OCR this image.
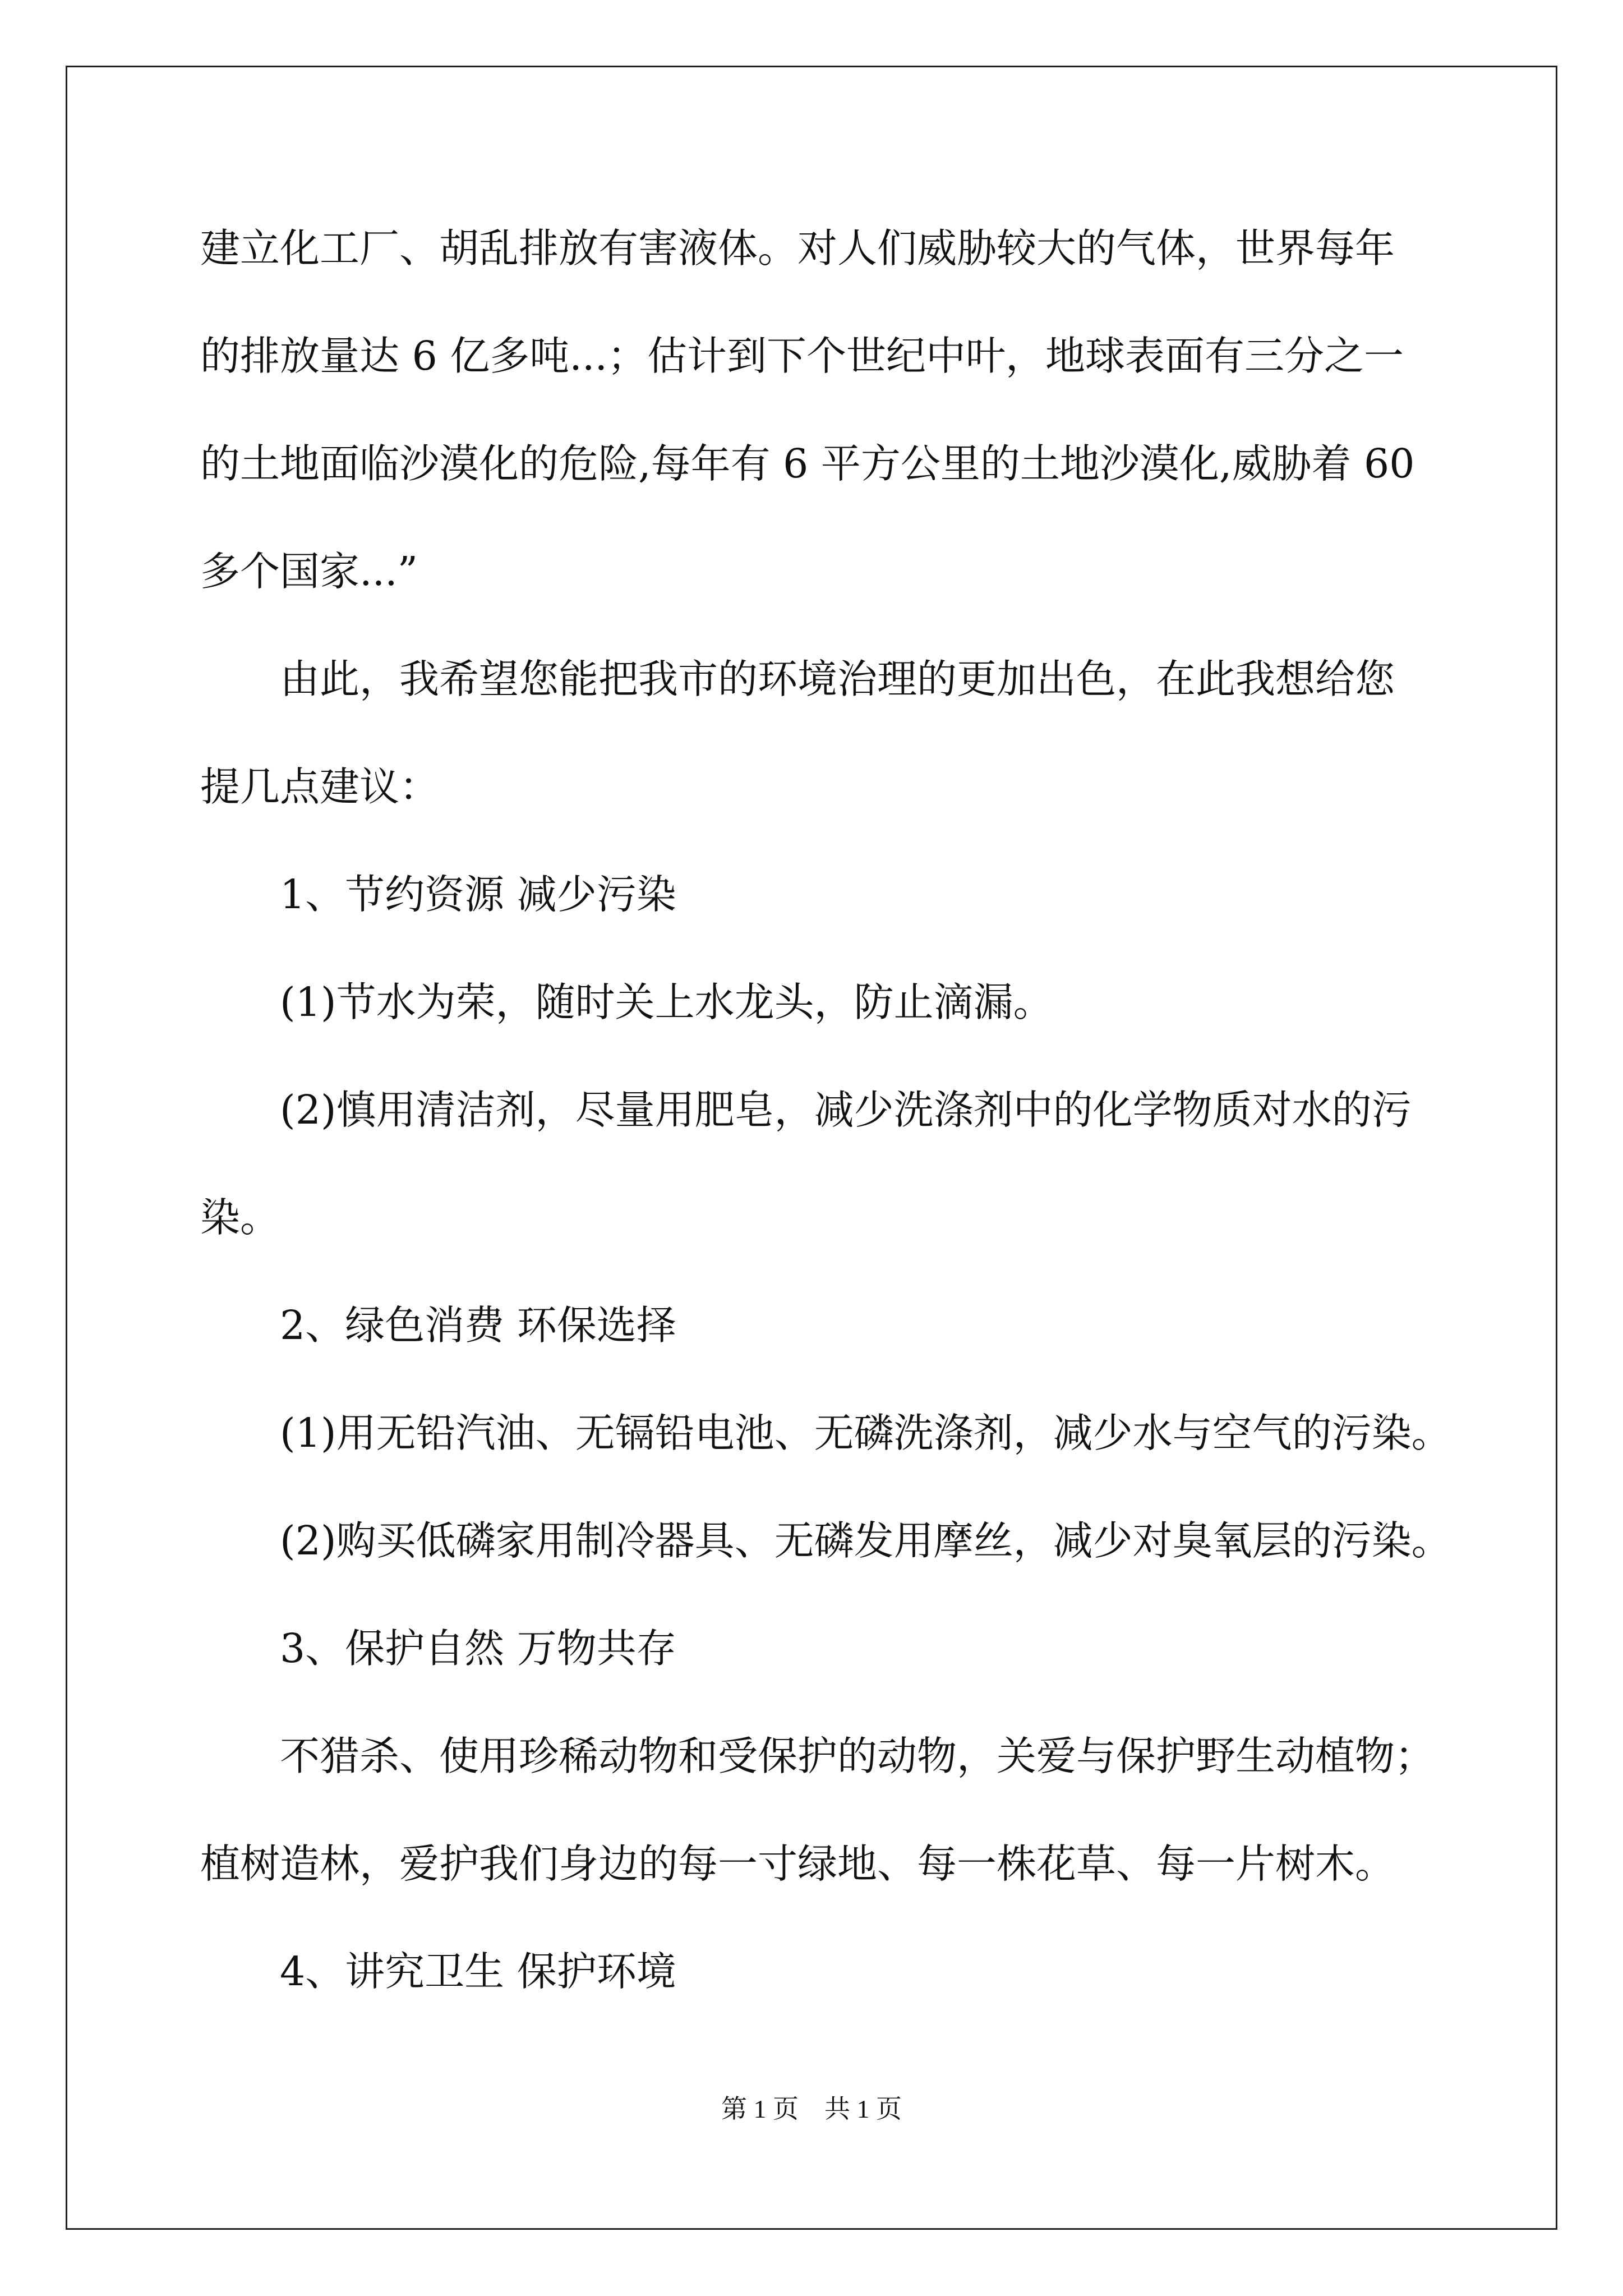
建立化工厂、胡乱排放有害液体。对人们威胁较大的气体，世界每年
的排放量达 6 亿多吨...；估计到下个世纪中叶，地球表面有三分之一
的土地面临沙漠化的危险,每年有 6 平方公里的土地沙漠化,威胁着 60
多个国家...”
由此，我希望您能把我市的环境治理的更加出色，在此我想给您
提几点建议：
1、节约资源 减少污染
(1)节水为荣，随时关上水龙头，防止滴漏。
(2)慎用清洁剂，尽量用肥皂，减少洗涤剂中的化学物质对水的污
染。
2、绿色消费 环保选择
(1)用无铅汽油、无镉铅电池、无磷洗涤剂，减少水与空气的污染。
(2)购买低磷家用制冷器具、无磷发用摩丝，减少对臭氧层的污染。
3、保护自然 万物共存
不猎杀、使用珍稀动物和受保护的动物，关爱与保护野生动植物；
植树造林，爱护我们身边的每一寸绿地、每一株花草、每一片树木。
4、讲究卫生 保护环境
第 1 页　共 1 页
